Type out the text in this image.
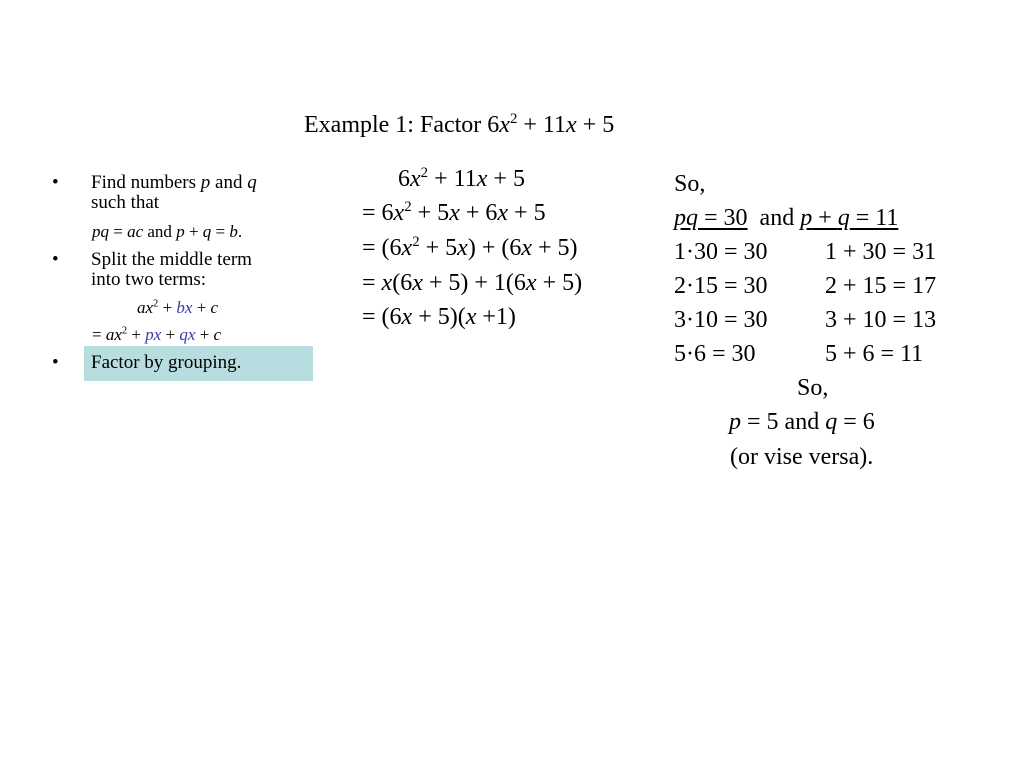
Example 1: Factor $6x^2 + 11x + 5$
• Find numbers p and q
such that
pq = ac and p + q = b.
• Split the middle term
into two terms:
$ax^2$ + bx + c
= $ax^2$ + px + qx + c
• Factor by grouping.
$6x^2 + 11x + 5$
= $6x^2 + 5x + 6x + 5$
= $(6x^2 + 5x) + (6x + 5)$
= x(6x + 5) + 1(6x + 5)
= (6x + 5)(x +1)
So,
pq = 30  and p + q = 11
1·30 = 30 1 + 30 = 31
2·15 = 30 2 + 15 = 17
3·10 = 30 3 + 10 = 13
5·6 = 30	5 + 6 = 11
So,
p = 5 and q = 6
(or vise versa).
